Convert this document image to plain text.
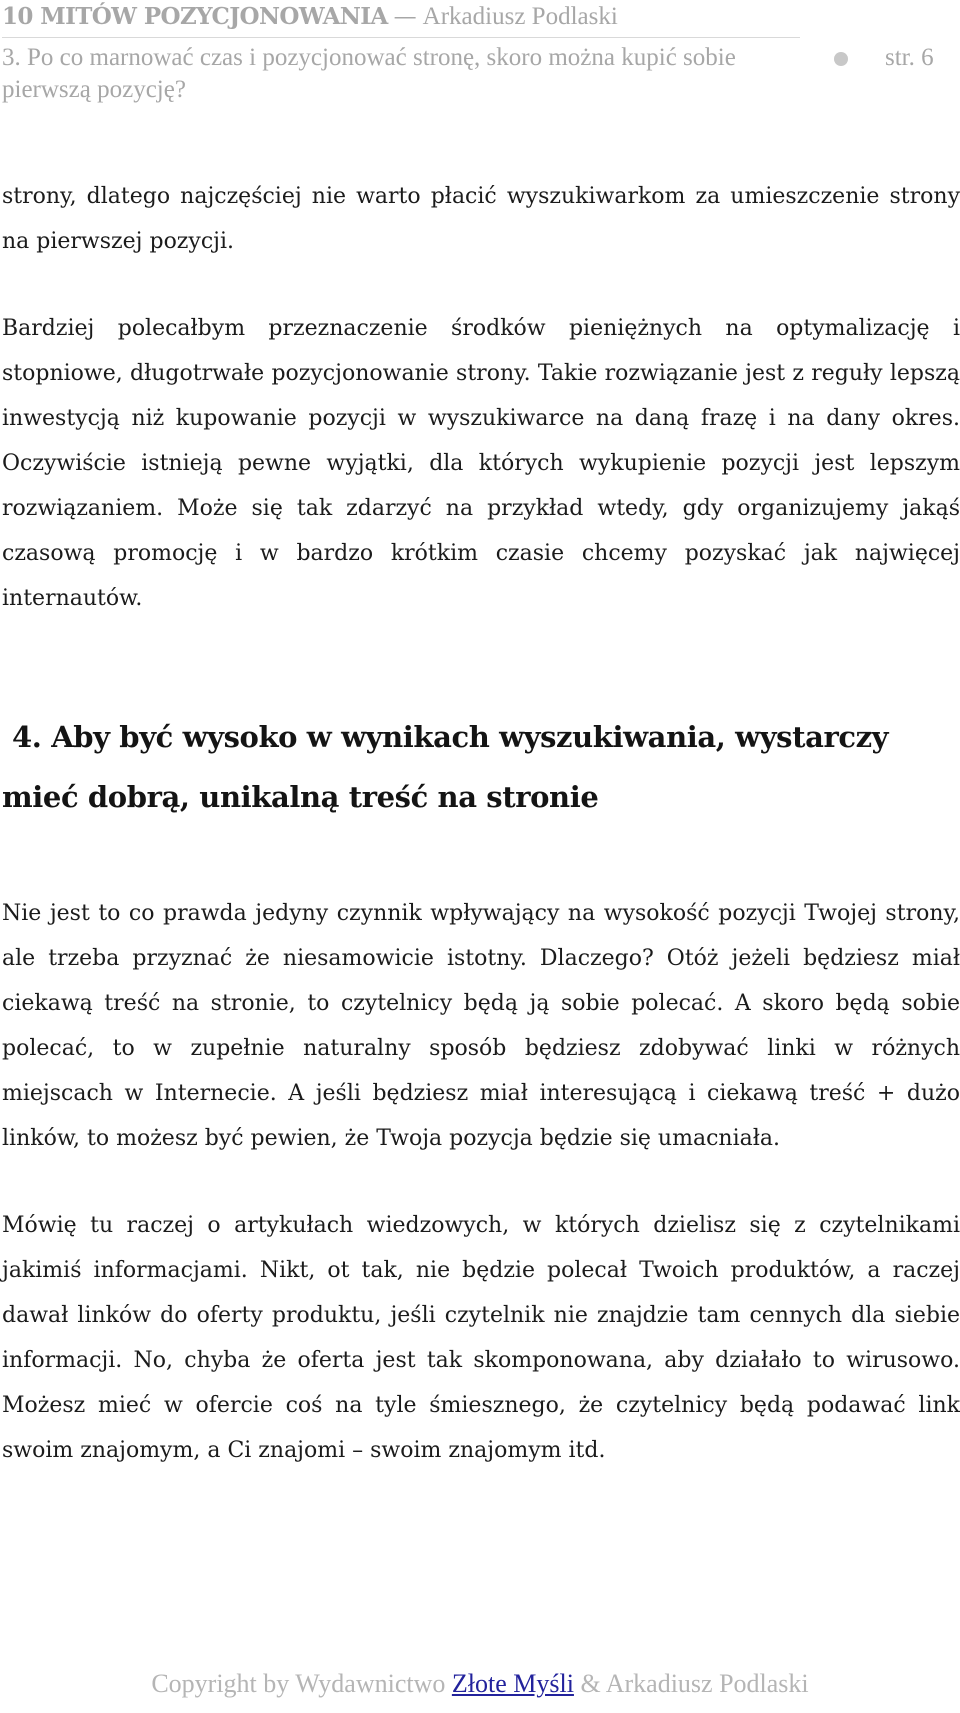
10 MITÓW POZYCJONOWANIA — Arkadiusz Podlaski
3. Po co marnować czas i pozycjonować stronę, skoro można kupić sobie pierwszą pozycję?
str. 6

strony, dlatego najczęściej nie warto płacić wyszukiwarkom za umieszczenie strony na pierwszej pozycji.

Bardziej polecałbym przeznaczenie środków pieniężnych na optymalizację i stopniowe, długotrwałe pozycjonowanie strony. Takie rozwiązanie jest z reguły lepszą inwestycją niż kupowanie pozycji w wyszukiwarce na daną frazę i na dany okres. Oczywiście istnieją pewne wyjątki, dla których wykupienie pozycji jest lepszym rozwiązaniem. Może się tak zdarzyć na przykład wtedy, gdy organizujemy jakąś czasową promocję i w bardzo krótkim czasie chcemy pozyskać jak najwięcej internautów.

4. Aby być wysoko w wynikach wyszukiwania, wystarczy mieć dobrą, unikalną treść na stronie

Nie jest to co prawda jedyny czynnik wpływający na wysokość pozycji Twojej strony, ale trzeba przyznać że niesamowicie istotny. Dlaczego? Otóż jeżeli będziesz miał ciekawą treść na stronie, to czytelnicy będą ją sobie polecać. A skoro będą sobie polecać, to w zupełnie naturalny sposób będziesz zdobywać linki w różnych miejscach w Internecie. A jeśli będziesz miał interesującą i ciekawą treść + dużo linków, to możesz być pewien, że Twoja pozycja będzie się umacniała.

Mówię tu raczej o artykułach wiedzowych, w których dzielisz się z czytelnikami jakimiś informacjami. Nikt, ot tak, nie będzie polecał Twoich produktów, a raczej dawał linków do oferty produktu, jeśli czytelnik nie znajdzie tam cennych dla siebie informacji. No, chyba że oferta jest tak skomponowana, aby działało to wirusowo. Możesz mieć w ofercie coś na tyle śmiesznego, że czytelnicy będą podawać link swoim znajomym, a Ci znajomi – swoim znajomym itd.

Copyright by Wydawnictwo Złote Myśli & Arkadiusz Podlaski
